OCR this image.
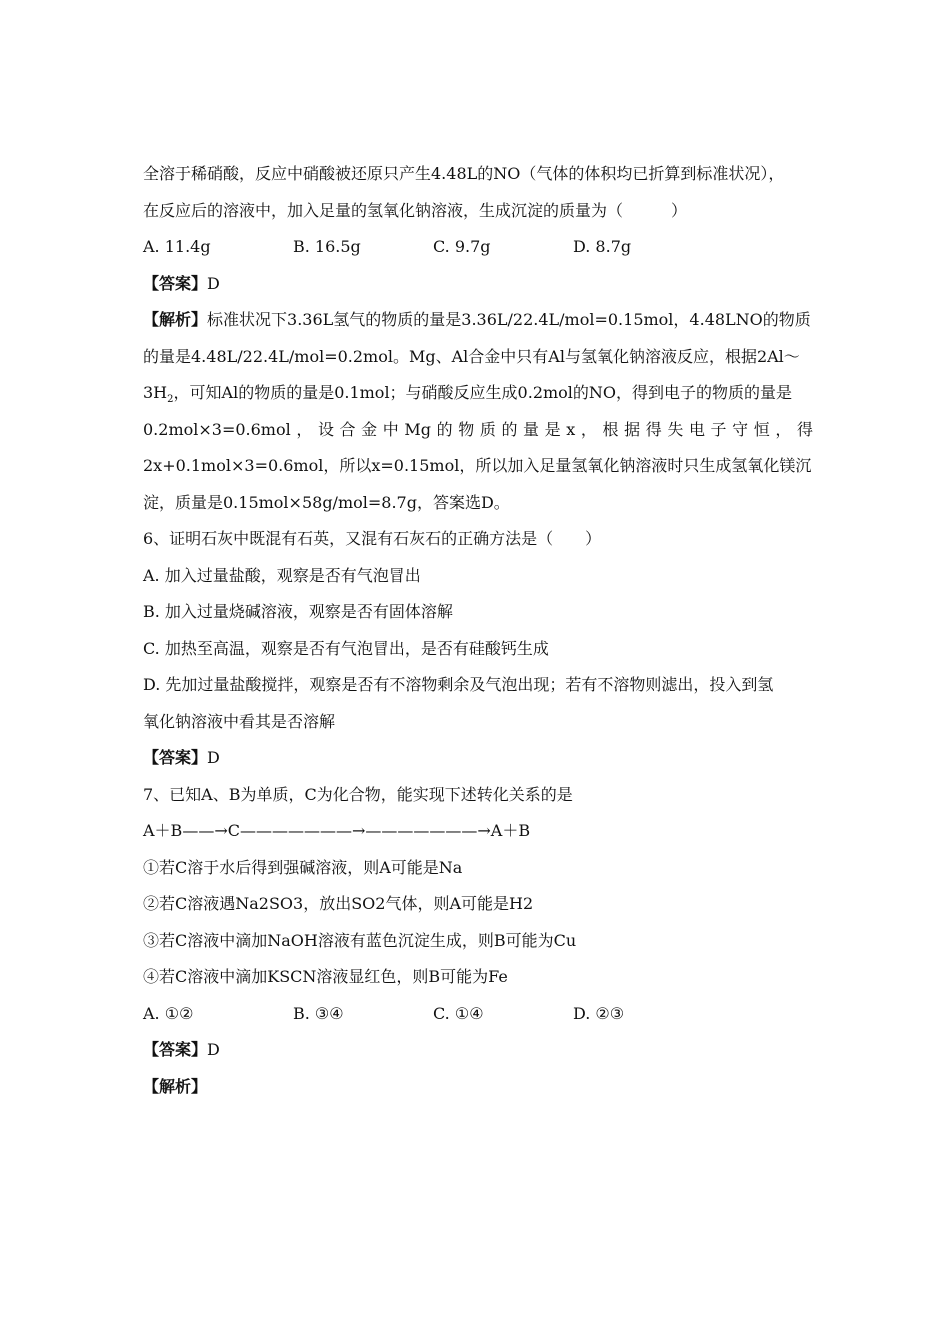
全溶于稀硝酸，反应中硝酸被还原只产生4.48L的NO（气体的体积均已折算到标准状况），
在反应后的溶液中，加入足量的氢氧化钠溶液，生成沉淀的质量为（　　　）
A. 11.4g	B. 16.5g	C. 9.7g	D. 8.7g
【答案】D
【解析】标准状况下3.36L氢气的物质的量是3.36L/22.4L/mol=0.15mol，4.48LNO的物质
的量是4.48L/22.4L/mol=0.2mol。Mg、Al合金中只有Al与氢氧化钠溶液反应，根据2Al～
$3H_2$，可知Al的物质的量是0.1mol；与硝酸反应生成0.2mol的NO，得到电子的物质的量是
0.2mol×3=0.6mol，设合金中Mg的物质的量是x，根据得失电子守恒，得
2x+0.1mol×3=0.6mol，所以x=0.15mol，所以加入足量氢氧化钠溶液时只生成氢氧化镁沉
淀，质量是0.15mol×58g/mol=8.7g，答案选D。
6、证明石灰中既混有石英，又混有石灰石的正确方法是（　　）
A. 加入过量盐酸，观察是否有气泡冒出
B. 加入过量烧碱溶液，观察是否有固体溶解
C. 加热至高温，观察是否有气泡冒出，是否有硅酸钙生成
D. 先加过量盐酸搅拌，观察是否有不溶物剩余及气泡出现；若有不溶物则滤出，投入到氢
氧化钠溶液中看其是否溶解
【答案】D
7、已知A、B为单质，C为化合物，能实现下述转化关系的是
A＋B——→C———————→———————→A＋B
①若C溶于水后得到强碱溶液，则A可能是Na
②若C溶液遇Na2SO3，放出SO2气体，则A可能是H2
③若C溶液中滴加NaOH溶液有蓝色沉淀生成，则B可能为Cu
④若C溶液中滴加KSCN溶液显红色，则B可能为Fe
A. ①②	B. ③④	C. ①④	D. ②③
【答案】D
【解析】
